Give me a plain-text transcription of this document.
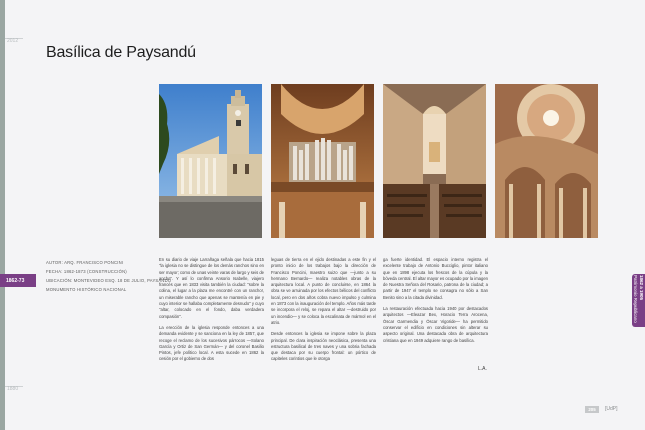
2012
1862-73
1880
Basílica de Paysandú
AUTOR: ARQ. FRANCISCO PONCINI
FECHA: 1862-1873 (CONSTRUCCIÓN)
UBICACIÓN: MONTEVIDEO ESQ. 18 DE JULIO, PAYSANDÚ
MONUMENTO HISTÓRICO NACIONAL

En su diario de viaje Larrañaga señala que hacia 1815 "la iglesia no se distingue de los demás ranchos sino en ser mayor; como de unas veinte varas de largo y seis de ancho". Y así lo confirma Ansorio Isabelle, viajero francés que en 1833 visita también la ciudad: "sobre la colina, el lugar a la plaza me encontré con un rancho!, un miserable rancho que apenas se mantenía en pie y cuyo interior se hallaba completamente desnudo" y cuyo "altar, colocado en el fondo, daba verdadera compasión".

La erección de la iglesia responde entonces a una demanda evidente y se sanciona en la ley de 1857, que recoge el reclamo de los sucesivos párrocos —Solano García y Ortiz de San Germán— y del coronel Basilio Pintos, jefe político local. A esta sucede en 1862 la cesión por el gobierno de dos

leguas de tierra en el ejido destinadas a este fin y el pronto inicio de los trabajos bajo la dirección de Francisco Poncini, maestro suizo que —junto a su hermano Bernardo— realiza notables obras de la arquitectura local. A punto de concluirse, en 1864 la obra se ve arruinada por los efectos bélicos del conflicto local, pero en dos años cobra nuevo impulso y culmina en 1873 con la inauguración del templo. Años más tarde se incorpora el reloj, se repara el altar —destruido por un incendio— y se coloca la escalinata de mármol en el atrio.

Desde entonces la iglesia se impone sobre la plaza principal. De clara inspiración neoclásica, presenta una estructura basilical de tres naves y una sobria fachada que destaca por su cuerpo frontal: un pórtico de capiteles corintios que le otorga

ga fuerte identidad. El espacio interno registra el excelente trabajo de Antonio Bucciglio, pintor italiano que en 1898 ejecuta los frescos de la cúpula y la bóveda central. El altar mayor es ocupado por la imagen de Nuestra Señora del Rosario, patrona de la ciudad; a partir de 1947 el templo se consagra no sólo a San Benito sino a la citada divinidad.

La restauración efectuada hacia 1940 por destacados arquitectos —Eleazar Bex, Horacio Terra Arocena, Óscar Garmendia y Óscar Vigoride— ha permitido conservar el edificio en condiciones sin alterar su aspecto original. Una destacada obra de arquitectura cristiana que en 1949 adquiere rango de basílica.

L.A.
1862 a 1905
Patrimonio Republicano
205	[UdP]
